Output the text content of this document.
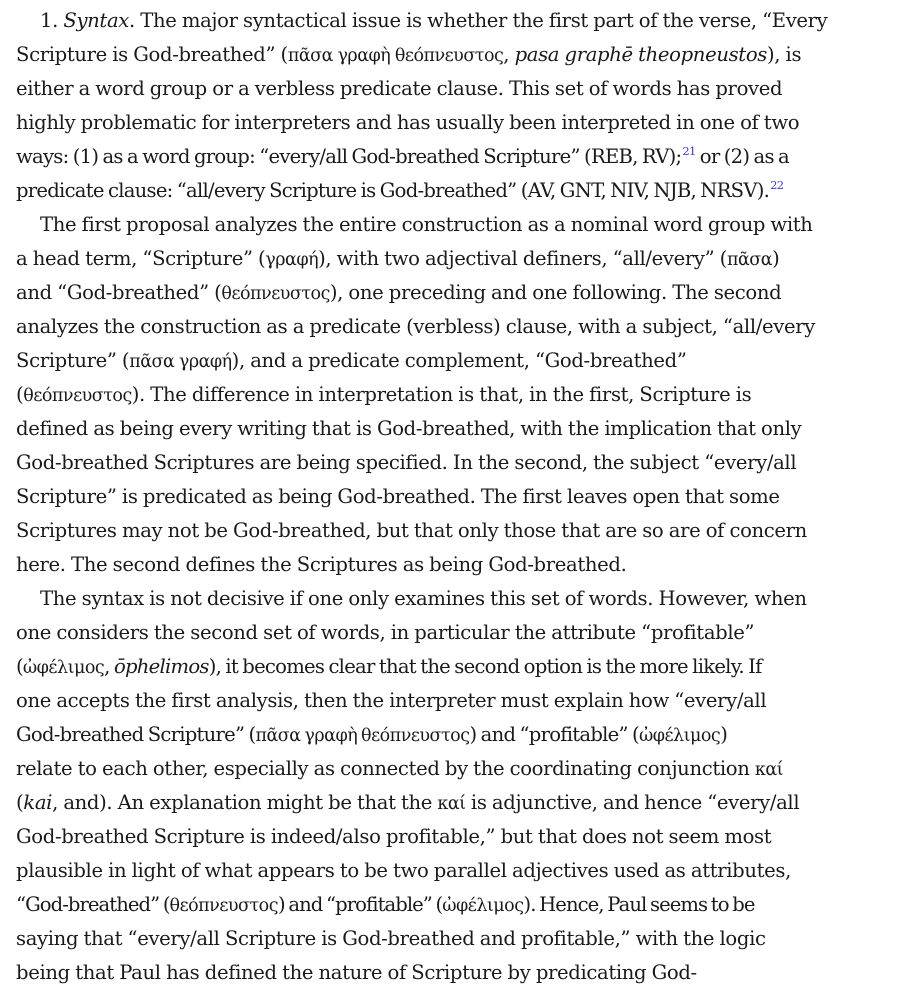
1. Syntax. The major syntactical issue is whether the first part of the verse, “Every
Scripture is God-breathed” (πᾶσα γραφὴ θεόπνευστος, pasa graphē theopneustos), is
either a word group or a verbless predicate clause. This set of words has proved
highly problematic for interpreters and has usually been interpreted in one of two
ways: (1) as a word group: “every/all God-breathed Scripture” (REB, RV);$^{21}$ or (2) as a
predicate clause: “all/every Scripture is God-breathed” (AV, GNT, NIV, NJB, NRSV).$^{22}$
The first proposal analyzes the entire construction as a nominal word group with
a head term, “Scripture” (γραφή), with two adjectival definers, “all/every” (πᾶσα)
and “God-breathed” (θεόπνευστος), one preceding and one following. The second
analyzes the construction as a predicate (verbless) clause, with a subject, “all/every
Scripture” (πᾶσα γραφή), and a predicate complement, “God-breathed”
(θεόπνευστος). The difference in interpretation is that, in the first, Scripture is
defined as being every writing that is God-breathed, with the implication that only
God-breathed Scriptures are being specified. In the second, the subject “every/all
Scripture” is predicated as being God-breathed. The first leaves open that some
Scriptures may not be God-breathed, but that only those that are so are of concern
here. The second defines the Scriptures as being God-breathed.
The syntax is not decisive if one only examines this set of words. However, when
one considers the second set of words, in particular the attribute “profitable”
(ὠφέλιμος, ōphelimos), it becomes clear that the second option is the more likely. If
one accepts the first analysis, then the interpreter must explain how “every/all
God-breathed Scripture” (πᾶσα γραφὴ θεόπνευστος) and “profitable” (ὠφέλιμος)
relate to each other, especially as connected by the coordinating conjunction καί
(kai, and). An explanation might be that the καί is adjunctive, and hence “every/all
God-breathed Scripture is indeed/also profitable,” but that does not seem most
plausible in light of what appears to be two parallel adjectives used as attributes,
“God-breathed” (θεόπνευστος) and “profitable” (ὠφέλιμος). Hence, Paul seems to be
saying that “every/all Scripture is God-breathed and profitable,” with the logic
being that Paul has defined the nature of Scripture by predicating God-
